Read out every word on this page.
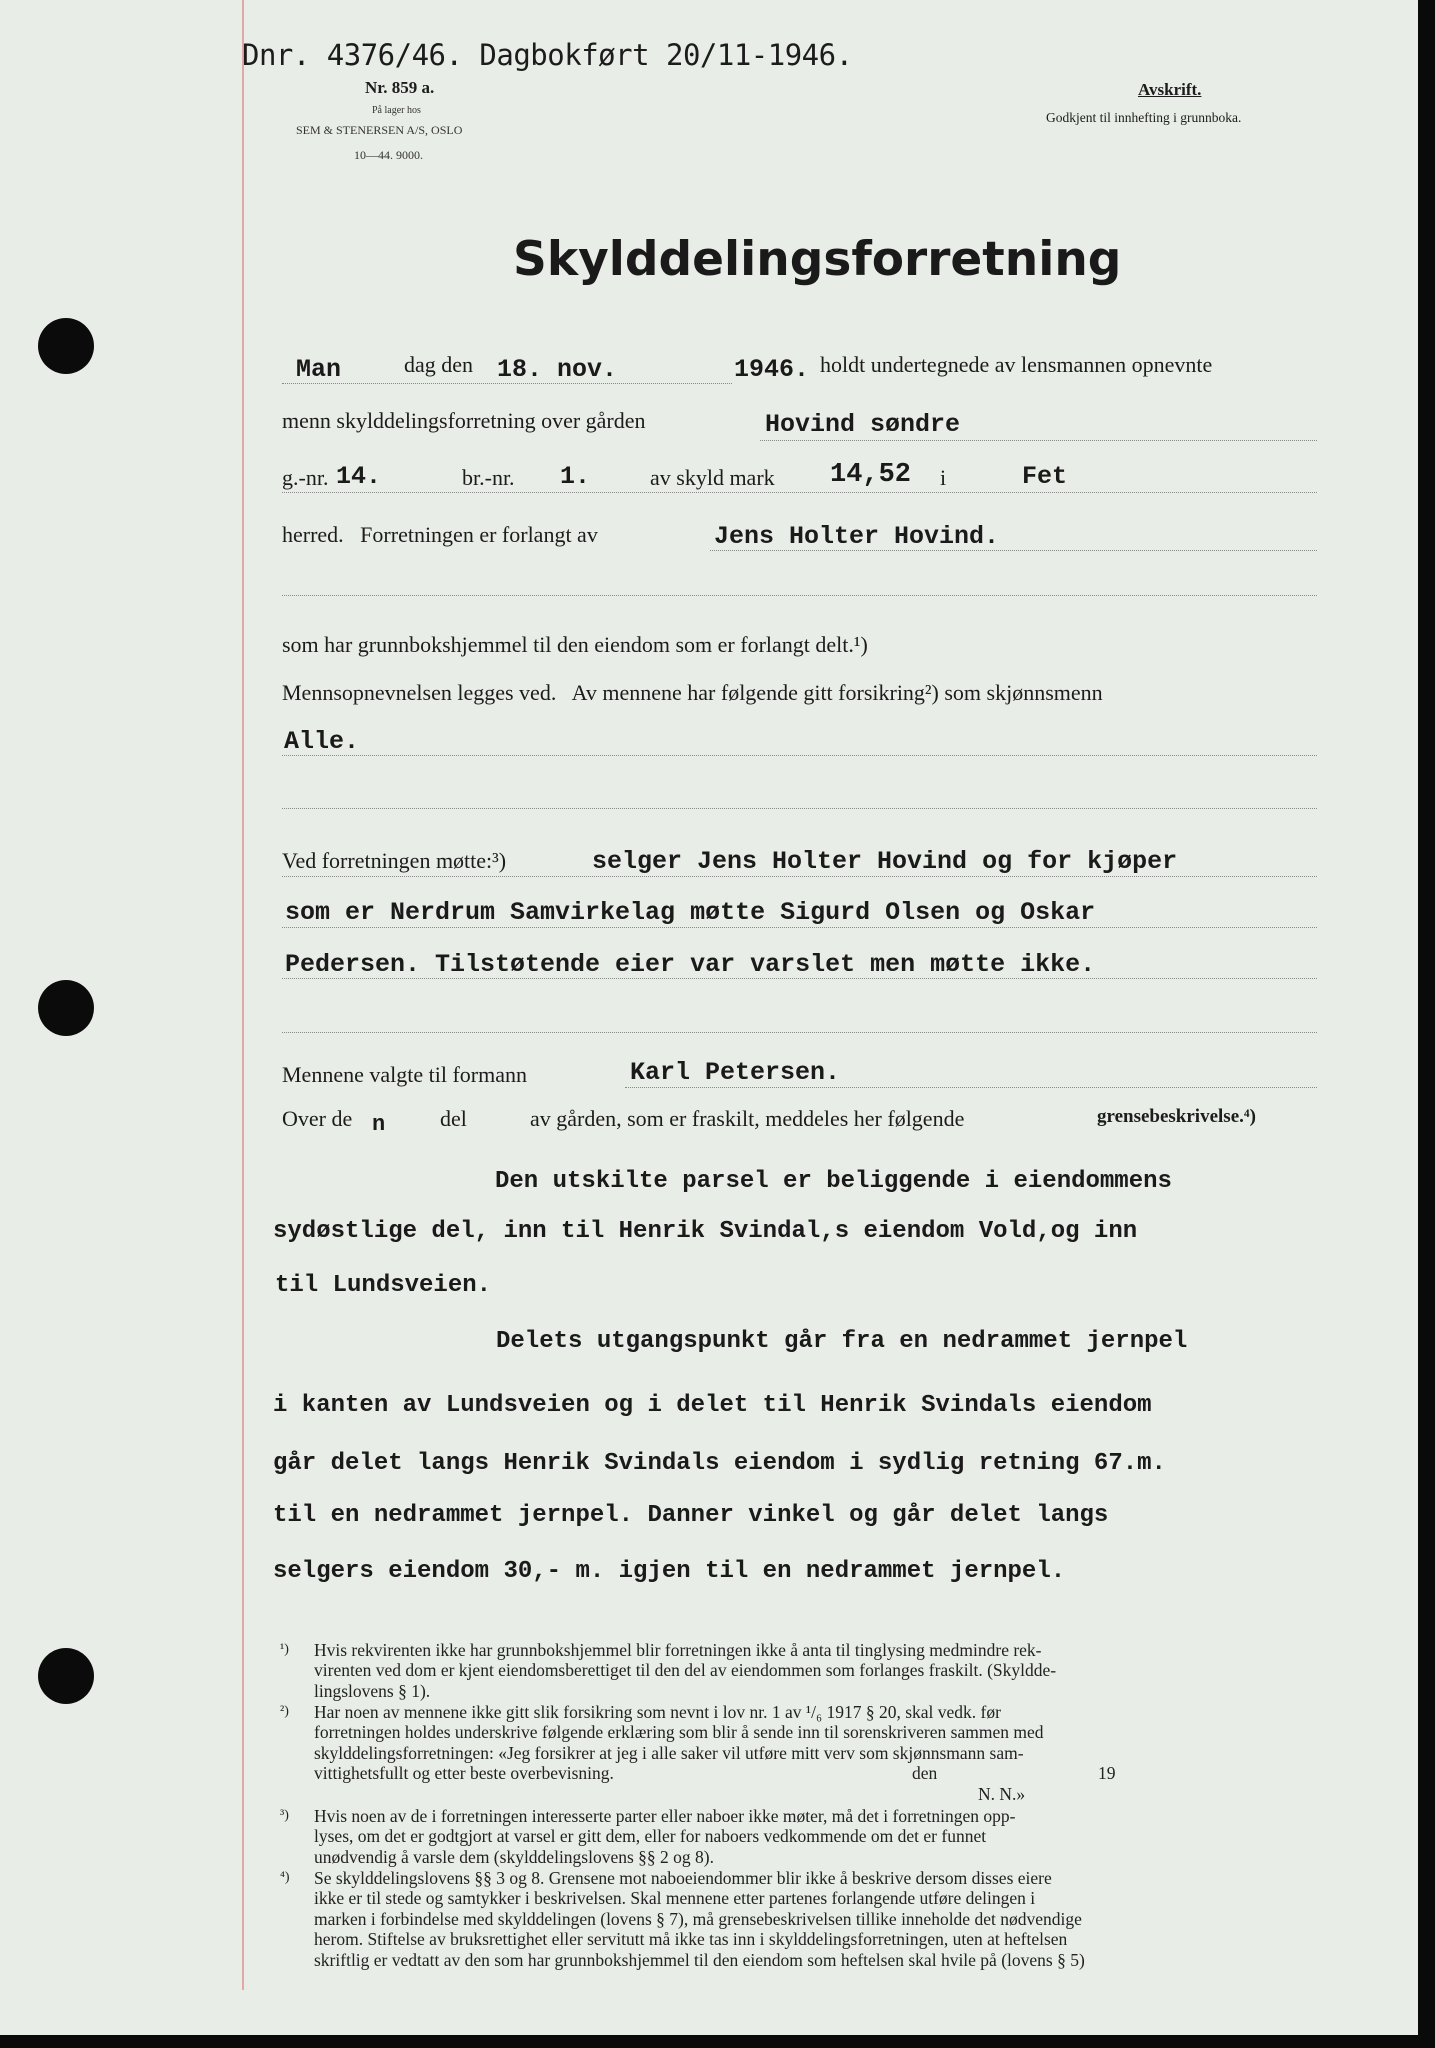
Dnr. 4376/46. Dagbokført 20/11-1946.
Nr. 859 a.
På lager hos
SEM & STENERSEN A/S, OSLO
10—44. 9000.
Avskrift.
Godkjent til innhefting i grunnboka.
Skylddelingsforretning
Man	dag den 18. nov.	1946. holdt undertegnede av lensmannen opnevnte
menn skylddelingsforretning over gården	Hovind søndre
g.-nr. 14.	br.-nr. 1.	av skyld mark 14,52 i	Fet
herred.   Forretningen er forlangt av	Jens Holter Hovind.
som har grunnbokshjemmel til den eiendom som er forlangt delt.¹)
Mennsopnevnelsen legges ved.   Av mennene har følgende gitt forsikring²) som skjønnsmenn
Alle.
Ved forretningen møtte:³)	selger Jens Holter Hovind og for kjøper
som er Nerdrum Samvirkelag møtte Sigurd Olsen og Oskar
Pedersen. Tilstøtende eier var varslet men møtte ikke.
Mennene valgte til formann	Karl Petersen.
Over de n del	av gården, som er fraskilt, meddeles her følgende	grensebeskrivelse.⁴)
Den utskilte parsel er beliggende i eiendommens
sydøstlige del, inn til Henrik Svindal,s eiendom Vold,og inn
til Lundsveien.
Delets utgangspunkt går fra en nedrammet jernpel
i kanten av Lundsveien og i delet til Henrik Svindals eiendom
går delet langs Henrik Svindals eiendom i sydlig retning 67.m.
til en nedrammet jernpel. Danner vinkel og går delet langs
selgers eiendom 30,- m. igjen til en nedrammet jernpel.
¹) Hvis rekvirenten ikke har grunnbokshjemmel blir forretningen ikke å anta til tinglysing medmindre rek-
virenten ved dom er kjent eiendomsberettiget til den del av eiendommen som forlanges fraskilt. (Skyldde-
lingslovens § 1).
²) Har noen av mennene ikke gitt slik forsikring som nevnt i lov nr. 1 av ¹/₆ 1917 § 20, skal vedk. før
forretningen holdes underskrive følgende erklæring som blir å sende inn til sorenskriveren sammen med
skylddelingsforretningen: «Jeg forsikrer at jeg i alle saker vil utføre mitt verv som skjønnsmann sam-
vittighetsfullt og etter beste overbevisning.	den	19
N. N.»
³) Hvis noen av de i forretningen interesserte parter eller naboer ikke møter, må det i forretningen opp-
lyses, om det er godtgjort at varsel er gitt dem, eller for naboers vedkommende om det er funnet
unødvendig å varsle dem (skylddelingslovens §§ 2 og 8).
⁴) Se skylddelingslovens §§ 3 og 8. Grensene mot naboeiendommer blir ikke å beskrive dersom disses eiere
ikke er til stede og samtykker i beskrivelsen. Skal mennene etter partenes forlangende utføre delingen i
marken i forbindelse med skylddelingen (lovens § 7), må grensebeskrivelsen tillike inneholde det nødvendige
herom. Stiftelse av bruksrettighet eller servitutt må ikke tas inn i skylddelingsforretningen, uten at heftelsen
skriftlig er vedtatt av den som har grunnbokshjemmel til den eiendom som heftelsen skal hvile på (lovens § 5)
